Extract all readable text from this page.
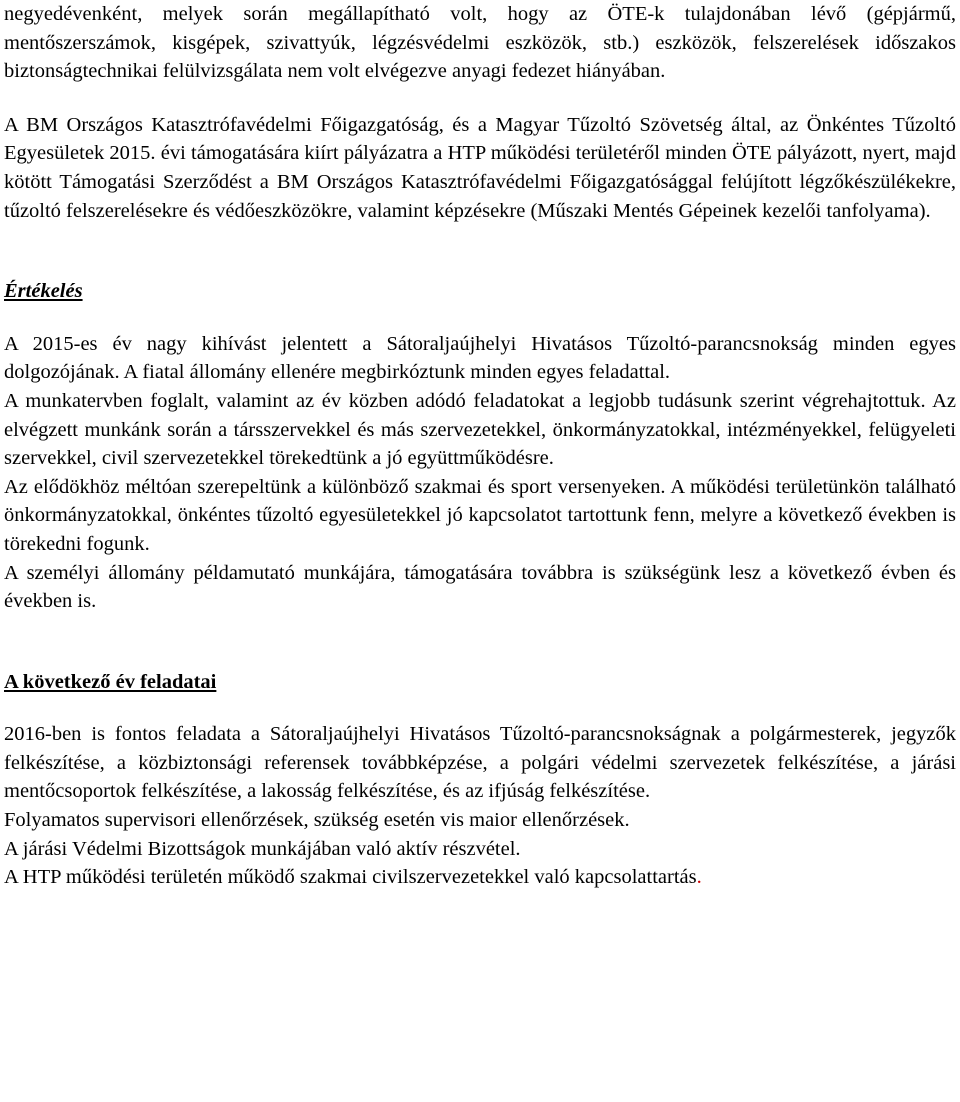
negyedévenként, melyek során megállapítható volt, hogy az ÖTE-k tulajdonában lévő (gépjármű, mentőszerszámok, kisgépek, szivattyúk, légzésvédelmi eszközök, stb.) eszközök, felszerelések időszakos biztonságtechnikai felülvizsgálata nem volt elvégezve anyagi fedezet hiányában.

A BM Országos Katasztrófavédelmi Főigazgatóság, és a Magyar Tűzoltó Szövetség által, az Önkéntes Tűzoltó Egyesületek 2015. évi támogatására kiírt pályázatra a HTP működési területéről minden ÖTE pályázott, nyert, majd kötött Támogatási Szerződést a BM Országos Katasztrófavédelmi Főigazgatósággal felújított légzőkészülékekre, tűzoltó felszerelésekre és védőeszközökre, valamint képzésekre (Műszaki Mentés Gépeinek kezelői tanfolyama).

Értékelés

A 2015-es év nagy kihívást jelentett a Sátoraljaújhelyi Hivatásos Tűzoltó-parancsnokság minden egyes dolgozójának. A fiatal állomány ellenére megbirkóztunk minden egyes feladattal.

A munkatervben foglalt, valamint az év közben adódó feladatokat a legjobb tudásunk szerint végrehajtottuk. Az elvégzett munkánk során a társszervekkel és más szervezetekkel, önkormányzatokkal, intézményekkel, felügyeleti szervekkel, civil szervezetekkel törekedtünk a jó együttműködésre.

Az elődökhöz méltóan szerepeltünk a különböző szakmai és sport versenyeken. A működési területünkön található önkormányzatokkal, önkéntes tűzoltó egyesületekkel jó kapcsolatot tartottunk fenn, melyre a következő években is törekedni fogunk.

A személyi állomány példamutató munkájára, támogatására továbbra is szükségünk lesz a következő évben és években is.

A következő év feladatai

2016-ben is fontos feladata a Sátoraljaújhelyi Hivatásos Tűzoltó-parancsnokságnak a polgármesterek, jegyzők felkészítése, a közbiztonsági referensek továbbképzése, a polgári védelmi szervezetek felkészítése, a járási mentőcsoportok felkészítése, a lakosság felkészítése, és az ifjúság felkészítése.

Folyamatos supervisori ellenőrzések, szükség esetén vis maior ellenőrzések.

A járási Védelmi Bizottságok munkájában való aktív részvétel.

A HTP működési területén működő szakmai civilszervezetekkel való kapcsolattartás.
